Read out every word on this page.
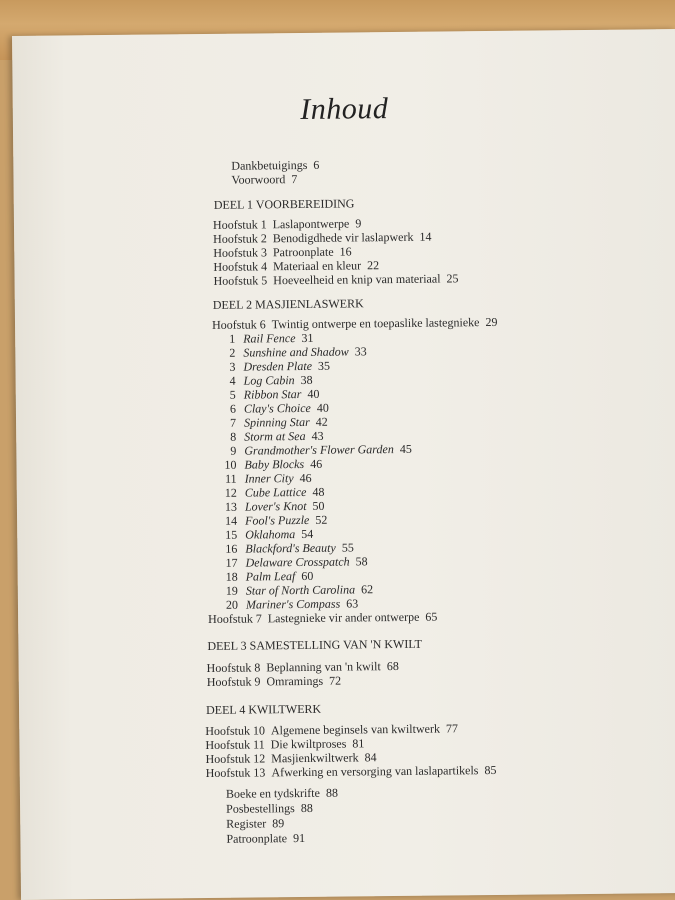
Inhoud
Dankbetuigings 6
Voorwoord 7
DEEL 1 VOORBEREIDING
Hoofstuk 1 Laslapontwerpe 9
Hoofstuk 2 Benodigdhede vir laslapwerk 14
Hoofstuk 3 Patroonplate 16
Hoofstuk 4 Materiaal en kleur 22
Hoofstuk 5 Hoeveelheid en knip van materiaal 25
DEEL 2 MASJIENLASWERK
Hoofstuk 6 Twintig ontwerpe en toepaslike lastegnieke 29
1 Rail Fence 31
2 Sunshine and Shadow 33
3 Dresden Plate 35
4 Log Cabin 38
5 Ribbon Star 40
6 Clay's Choice 40
7 Spinning Star 42
8 Storm at Sea 43
9 Grandmother's Flower Garden 45
10 Baby Blocks 46
11 Inner City 46
12 Cube Lattice 48
13 Lover's Knot 50
14 Fool's Puzzle 52
15 Oklahoma 54
16 Blackford's Beauty 55
17 Delaware Crosspatch 58
18 Palm Leaf 60
19 Star of North Carolina 62
20 Mariner's Compass 63
Hoofstuk 7 Lastegnieke vir ander ontwerpe 65
DEEL 3 SAMESTELLING VAN 'N KWILT
Hoofstuk 8 Beplanning van 'n kwilt 68
Hoofstuk 9 Omramings 72
DEEL 4 KWILTWERK
Hoofstuk 10 Algemene beginsels van kwiltwerk 77
Hoofstuk 11 Die kwiltproses 81
Hoofstuk 12 Masjienkwiltwerk 84
Hoofstuk 13 Afwerking en versorging van laslapartikels 85
Boeke en tydskrifte 88
Posbestellings 88
Register 89
Patroonplate 91
